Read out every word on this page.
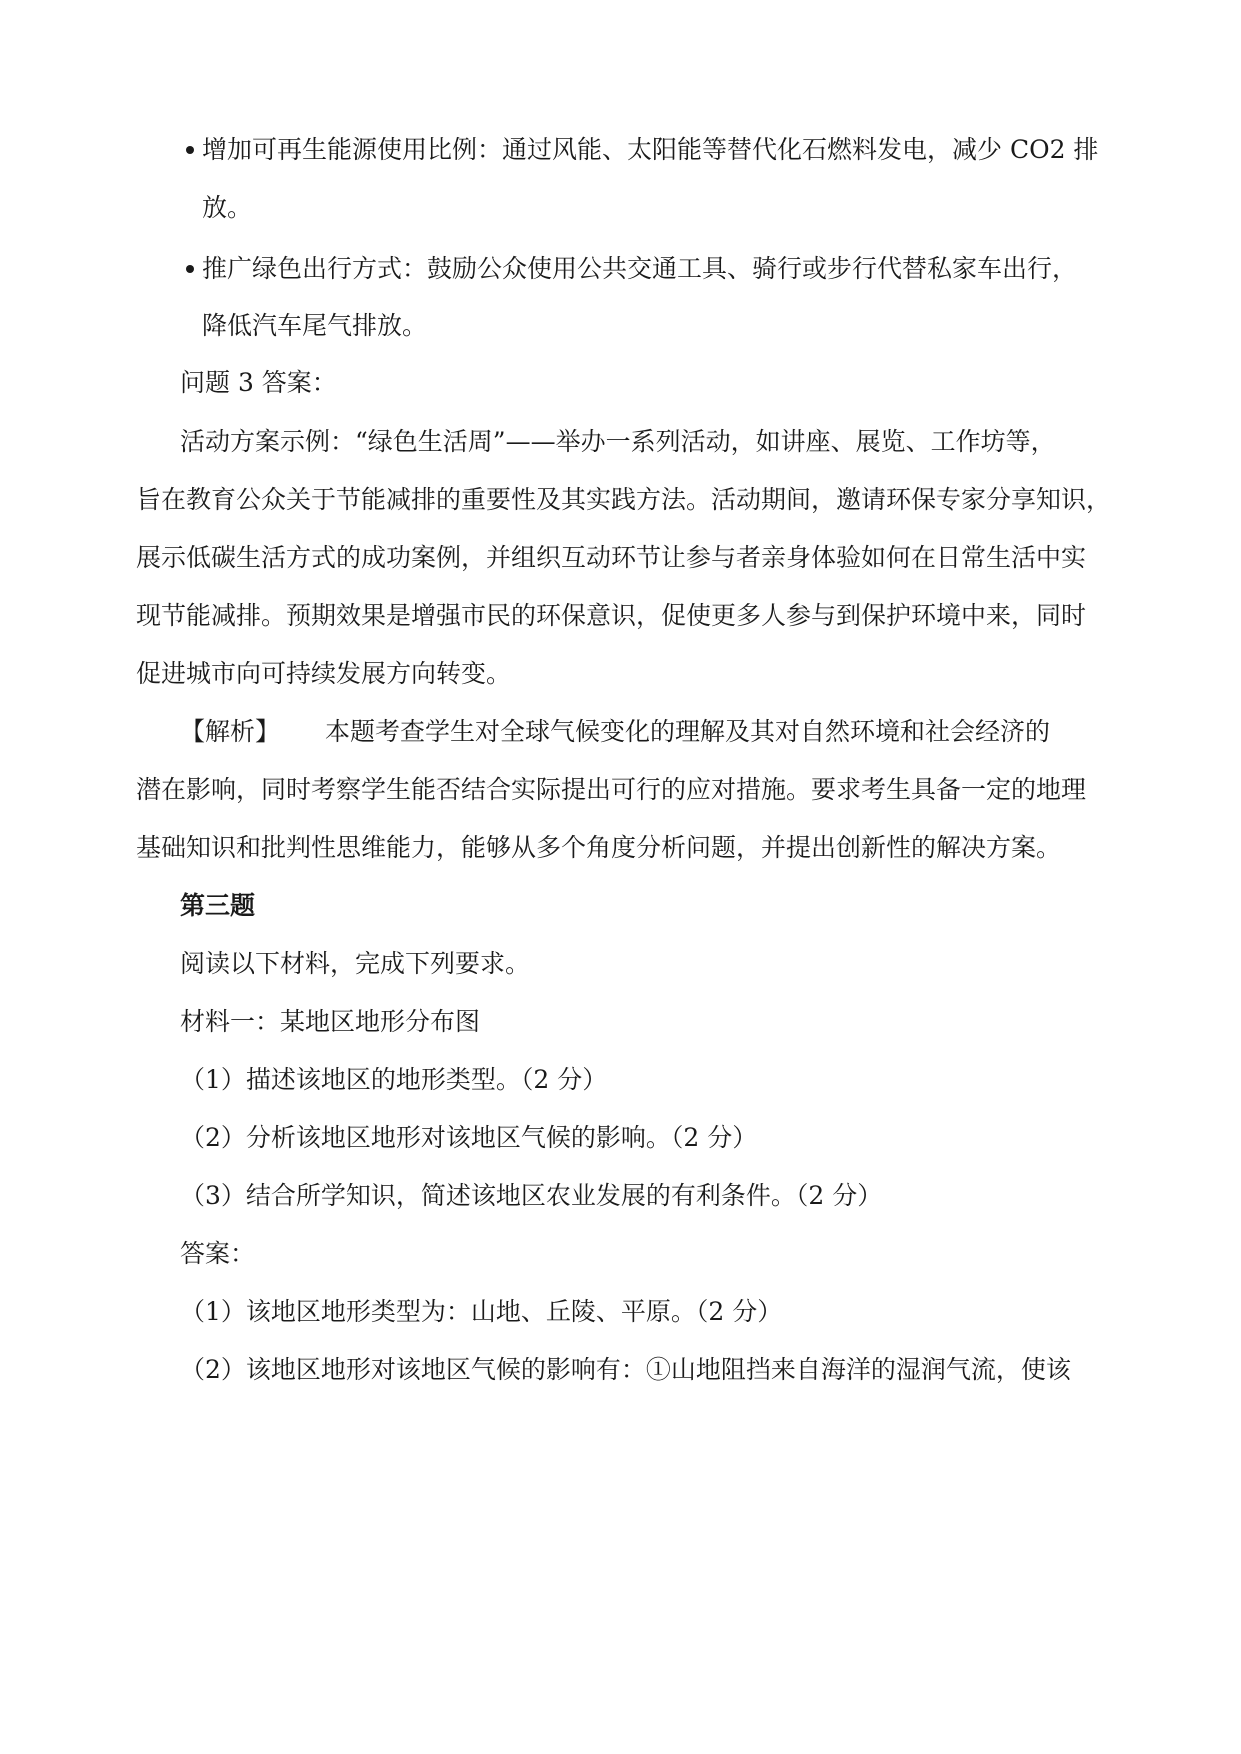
增加可再生能源使用比例：通过风能、太阳能等替代化石燃料发电，减少 CO2 排
放。
推广绿色出行方式：鼓励公众使用公共交通工具、骑行或步行代替私家车出行，
降低汽车尾气排放。
问题 3 答案：
活动方案示例：“绿色生活周”——举办一系列活动，如讲座、展览、工作坊等，
旨在教育公众关于节能减排的重要性及其实践方法。活动期间，邀请环保专家分享知识，
展示低碳生活方式的成功案例，并组织互动环节让参与者亲身体验如何在日常生活中实
现节能减排。预期效果是增强市民的环保意识，促使更多人参与到保护环境中来，同时
促进城市向可持续发展方向转变。
【解析】 本题考查学生对全球气候变化的理解及其对自然环境和社会经济的
潜在影响，同时考察学生能否结合实际提出可行的应对措施。要求考生具备一定的地理
基础知识和批判性思维能力，能够从多个角度分析问题，并提出创新性的解决方案。
第三题
阅读以下材料，完成下列要求。
材料一：某地区地形分布图
（1）描述该地区的地形类型。（2 分）
（2）分析该地区地形对该地区气候的影响。（2 分）
（3）结合所学知识，简述该地区农业发展的有利条件。（2 分）
答案：
（1）该地区地形类型为：山地、丘陵、平原。（2 分）
（2）该地区地形对该地区气候的影响有：①山地阻挡来自海洋的湿润气流，使该
